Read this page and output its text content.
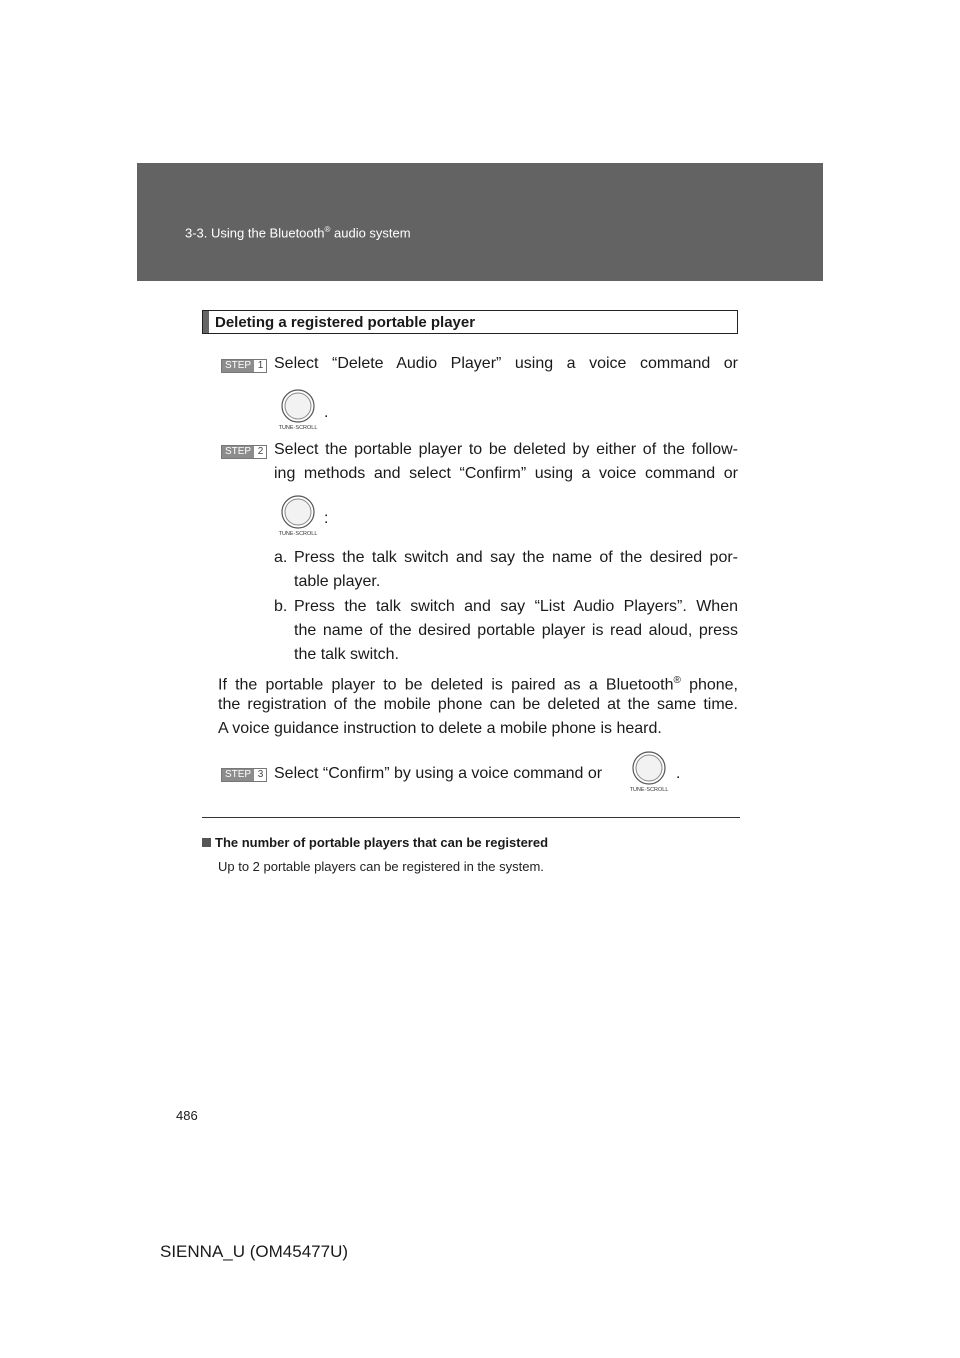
3-3. Using the Bluetooth® audio system
Deleting a registered portable player
STEP 1 Select “Delete Audio Player” using a voice command or
TUNE·SCROLL
.
STEP 2 Select the portable player to be deleted by either of the follow-
ing methods and select “Confirm” using a voice command or
TUNE·SCROLL
:
a. Press the talk switch and say the name of the desired por-
table player.
b. Press the talk switch and say “List Audio Players”. When
the name of the desired portable player is read aloud, press
the talk switch.
If the portable player to be deleted is paired as a Bluetooth® phone,
the registration of the mobile phone can be deleted at the same time.
A voice guidance instruction to delete a mobile phone is heard.
STEP 3 Select “Confirm” by using a voice command or
TUNE·SCROLL
.
The number of portable players that can be registered
Up to 2 portable players can be registered in the system.
486
SIENNA_U (OM45477U)
